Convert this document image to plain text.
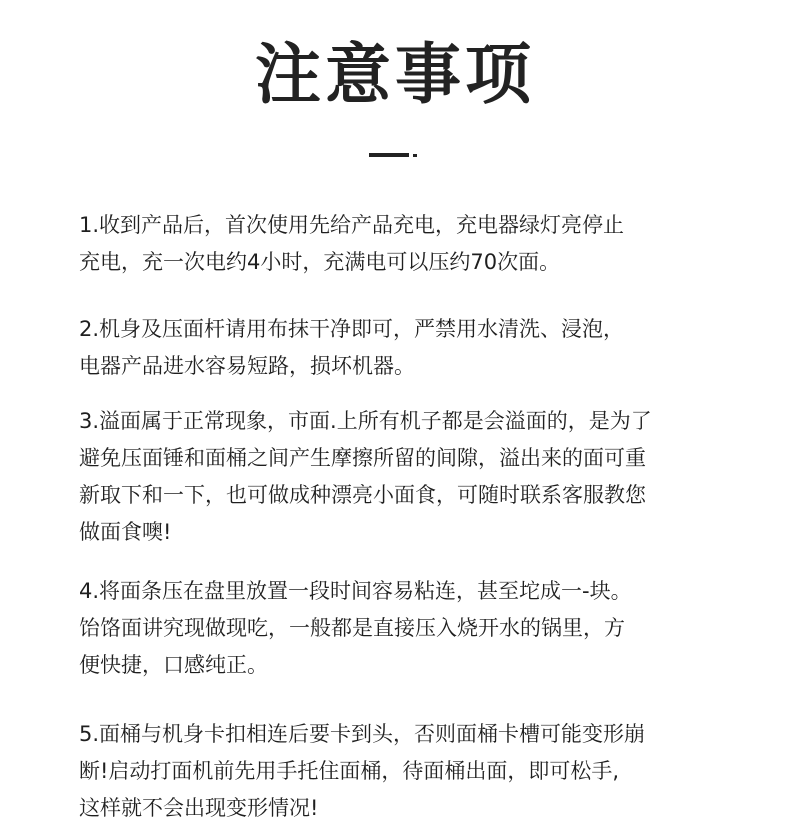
注意事项

1.收到产品后，首次使用先给产品充电，充电器绿灯亮停止
充电，充一次电约4小时，充满电可以压约70次面。

2.机身及压面杆请用布抹干净即可，严禁用水清洗、浸泡，
电器产品进水容易短路，损坏机器。

3.溢面属于正常现象，市面.上所有机子都是会溢面的，是为了
避免压面锤和面桶之间产生摩擦所留的间隙，溢出来的面可重
新取下和一下，也可做成种漂亮小面食，可随时联系客服教您
做面食噢!

4.将面条压在盘里放置一段时间容易粘连，甚至坨成一-块。
饴饹面讲究现做现吃，一般都是直接压入烧开水的锅里，方
便快捷，口感纯正。

5.面桶与机身卡扣相连后要卡到头，否则面桶卡槽可能变形崩
断!启动打面机前先用手托住面桶，待面桶出面，即可松手,
这样就不会出现变形情况!
